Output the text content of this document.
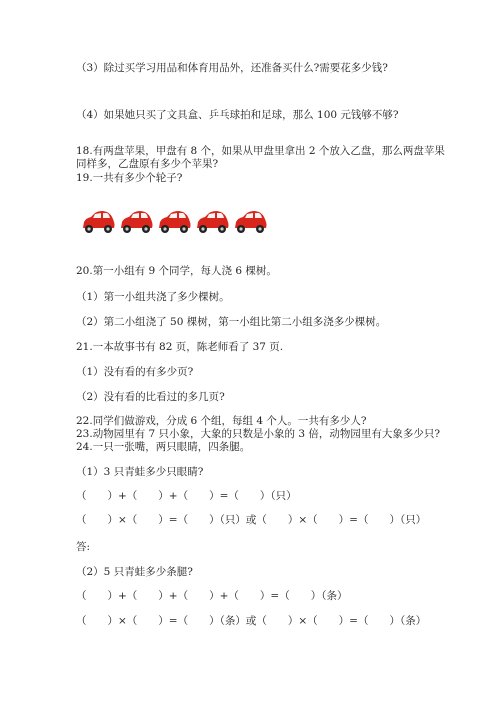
（3）除过买学习用品和体育用品外，还准备买什么?需要花多少钱?
（4）如果她只买了文具盒、乒乓球拍和足球，那么 100 元钱够不够?
18.有两盘苹果，甲盘有 8 个，如果从甲盘里拿出 2 个放入乙盘，那么两盘苹果同样多，乙盘原有多少个苹果?
19.一共有多少个轮子?
20.第一小组有 9 个同学，每人浇 6 棵树。
（1）第一小组共浇了多少棵树。
（2）第二小组浇了 50 棵树，第一小组比第二小组多浇多少棵树。
21.一本故事书有 82 页，陈老师看了 37 页.
（1）没有看的有多少页?
（2）没有看的比看过的多几页?
22.同学们做游戏，分成 6 个组，每组 4 个人。一共有多少人?
23.动物园里有 7 只小象，大象的只数是小象的 3 倍，动物园里有大象多少只?
24.一只一张嘴，两只眼睛，四条腿。
（1）3 只青蛙多少只眼睛?
（　　）+（　　）+（　　）=（　　）（只）
（　　）×（　　）=（　　）（只）或（　　）×（　　）=（　　）（只）
答:
（2）5 只青蛙多少条腿?
（　　）+（　　）+（　　）+（　　）=（　　）（条）
（　　）×（　　）=（　　）（条）或（　　）×（　　）=（　　）（条）
